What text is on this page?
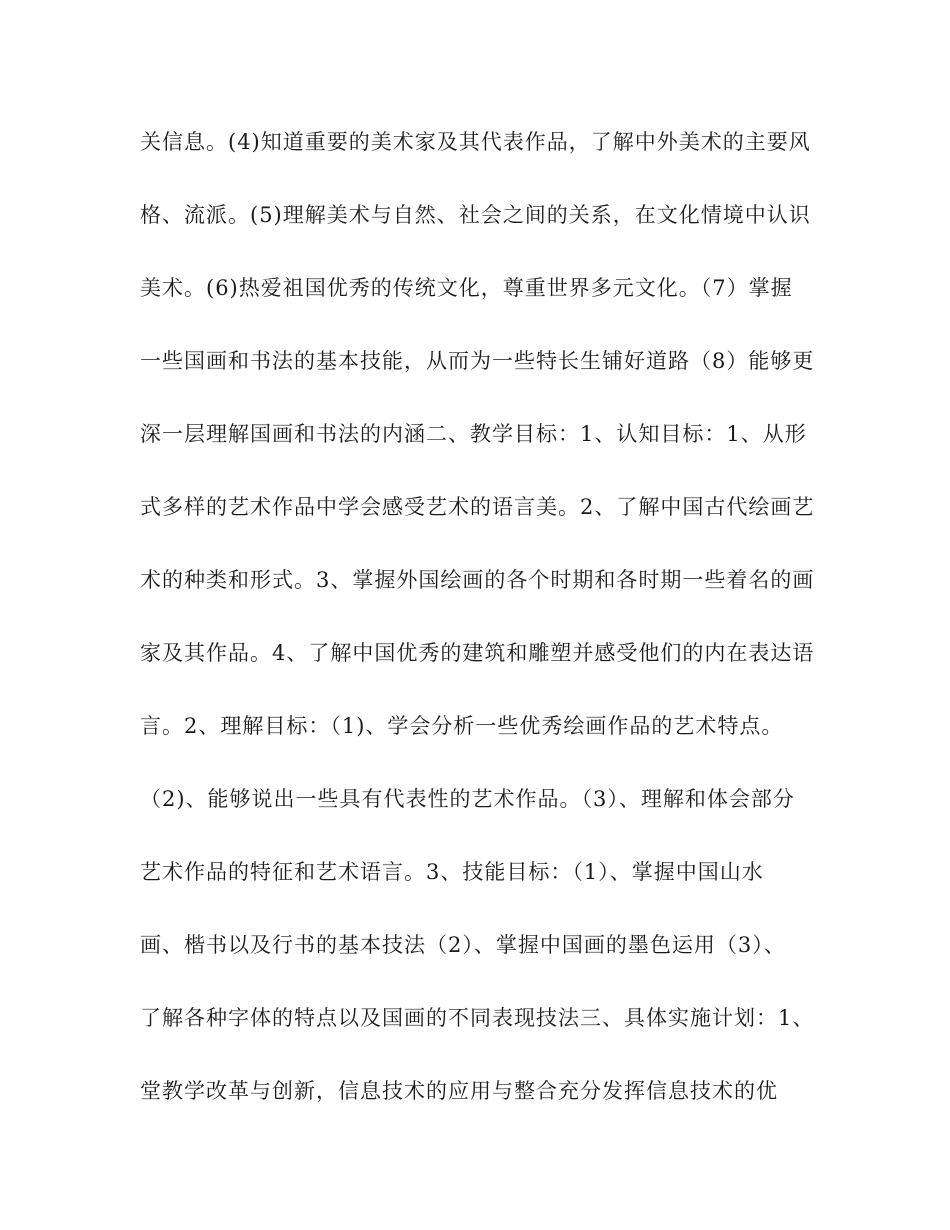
关信息。(4)知道重要的美术家及其代表作品，了解中外美术的主要风
格、流派。(5)理解美术与自然、社会之间的关系，在文化情境中认识
美术。(6)热爱祖国优秀的传统文化，尊重世界多元文化。（7）掌握
一些国画和书法的基本技能，从而为一些特长生铺好道路（8）能够更
深一层理解国画和书法的内涵二、教学目标：1、认知目标：1、从形
式多样的艺术作品中学会感受艺术的语言美。2、了解中国古代绘画艺
术的种类和形式。3、掌握外国绘画的各个时期和各时期一些着名的画
家及其作品。4、了解中国优秀的建筑和雕塑并感受他们的内在表达语
言。2、理解目标：（1)、学会分析一些优秀绘画作品的艺术特点。
（2)、能够说出一些具有代表性的艺术作品。（3）、理解和体会部分
艺术作品的特征和艺术语言。3、技能目标：（1）、掌握中国山水
画、楷书以及行书的基本技法（2）、掌握中国画的墨色运用（3）、
了解各种字体的特点以及国画的不同表现技法三、具体实施计划：1、
堂教学改革与创新，信息技术的应用与整合充分发挥信息技术的优
